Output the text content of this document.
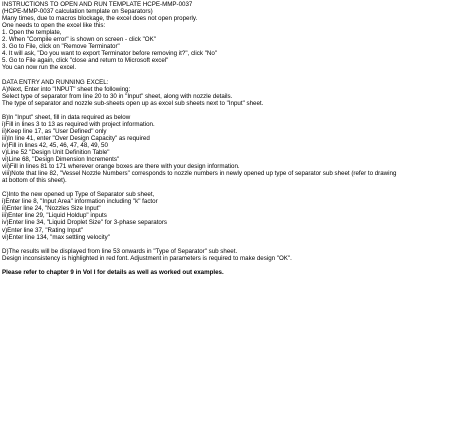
INSTRUCTIONS TO OPEN AND RUN TEMPLATE HCPE-MMP-0037
(HCPE-MMP-0037 calculation template on Separators)
Many times, due to macros blockage, the excel does not open properly.
One needs to open the excel like this:
1. Open the template,
2. When "Compile error" is shown on screen - click "OK"
3. Go to File, click on "Remove Terminator"
4. It will ask, "Do you want to export Terminator before removing it?", click "No"
5. Go to File again, click "close and return to Microsoft excel"
You can now run the excel.
DATA ENTRY AND RUNNING EXCEL:
A)Next, Enter into "INPUT" sheet the following:
Select type of separator from line 20 to 30 in "Input" sheet, along with nozzle details.
The type of separator and nozzle sub-sheets open up as excel sub sheets next to "Input" sheet.
B)In "Input" sheet, fill in data required as below
i)Fill in lines 3 to 13 as required with project information.
ii)Keep line 17, as "User Defined" only
iii)In line 41, enter "Over Design Capacity" as required
iv)Fill in lines 42, 45, 46, 47, 48, 49, 50
v)Line 52 "Design Unit Definition Table"
vi)Line 68, "Design Dimension Increments"
vii)Fill in lines 81 to 171 wherever orange boxes are there with your design information.
viii)Note that line 82, "Vessel Nozzle Numbers" corresponds to nozzle numbers in newly opened up type of separator sub sheet (refer to drawing
at bottom of this sheet).
C)Into the new opened up Type of Separator sub sheet,
i)Enter line 8, "Input Area" information including "k" factor
ii)Enter line 24, "Nozzles Size Input"
iii)Enter line 29, "Liquid Holdup" inputs
iv)Enter line 34, "Liquid Droplet Size" for 3-phase separators
v)Enter line 37, "Rating Input"
vi)Enter line 134, "max settling velocity"
D)The results will be displayed from line 53 onwards in "Type of Separator" sub sheet.
Design inconsistency is highlighted in red font. Adjustment in parameters is required to make design "OK".
Please refer to chapter 9 in Vol I for details as well as worked out examples.
